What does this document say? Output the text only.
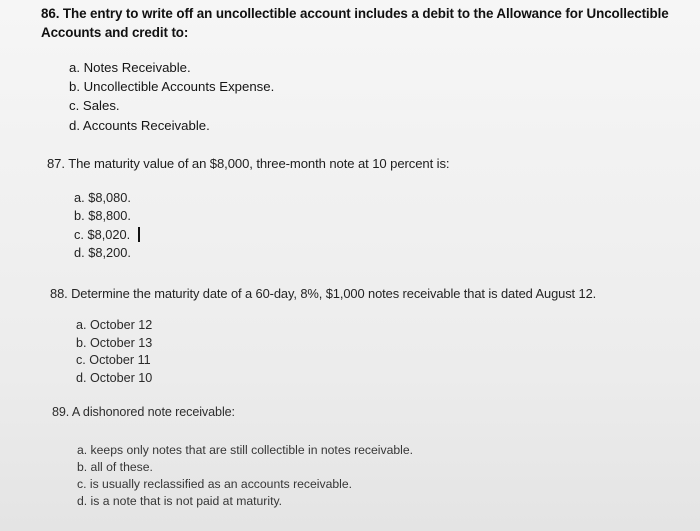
86. The entry to write off an uncollectible account includes a debit to the Allowance for Uncollectible Accounts and credit to:
a. Notes Receivable.
b. Uncollectible Accounts Expense.
c. Sales.
d. Accounts Receivable.
87. The maturity value of an $8,000, three-month note at 10 percent is:
a. $8,080.
b. $8,800.
c. $8,020.
d. $8,200.
88. Determine the maturity date of a 60-day, 8%, $1,000 notes receivable that is dated August 12.
a. October 12
b. October 13
c. October 11
d. October 10
89. A dishonored note receivable:
a. keeps only notes that are still collectible in notes receivable.
b. all of these.
c. is usually reclassified as an accounts receivable.
d. is a note that is not paid at maturity.
